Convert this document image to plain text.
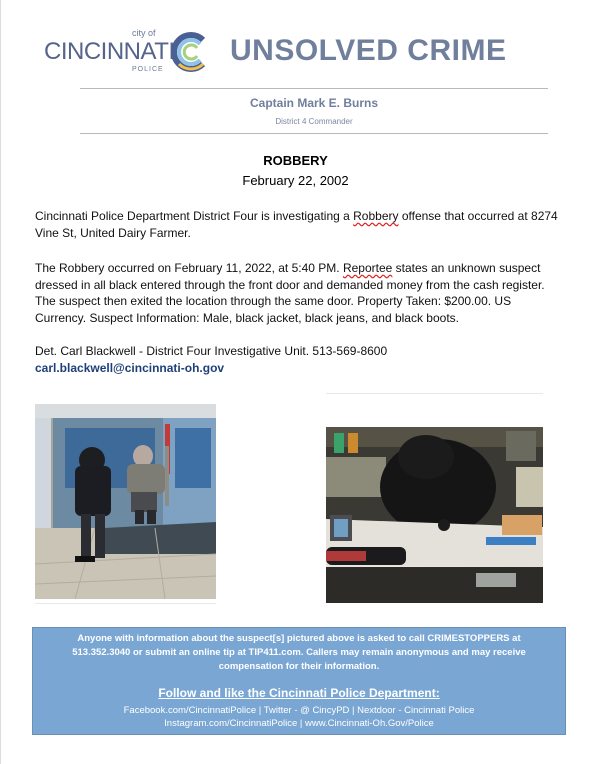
city of
CINCINNATI
POLICE
UNSOLVED CRIME
Captain Mark E. Burns
District 4 Commander
ROBBERY
February 22, 2002
Cincinnati Police Department District Four is investigating a Robbery offense that occurred at 8274 Vine St, United Dairy Farmer.
The Robbery occurred on February 11, 2022, at 5:40 PM. Reportee states an unknown suspect dressed in all black entered through the front door and demanded money from the cash register. The suspect then exited the location through the same door. Property Taken: $200.00. US Currency. Suspect Information: Male, black jacket, black jeans, and black boots.
Det. Carl Blackwell - District Four Investigative Unit. 513-569-8600
carl.blackwell@cincinnati-oh.gov
Anyone with information about the suspect[s] pictured above is asked to call CRIMESTOPPERS at 513.352.3040 or submit an online tip at TIP411.com. Callers may remain anonymous and may receive compensation for their information.
Follow and like the Cincinnati Police Department:
Facebook.com/CincinnatiPolice | Twitter - @ CincyPD | Nextdoor - Cincinnati Police
Instagram.com/CincinnatiPolice | www.Cincinnati-Oh.Gov/Police
